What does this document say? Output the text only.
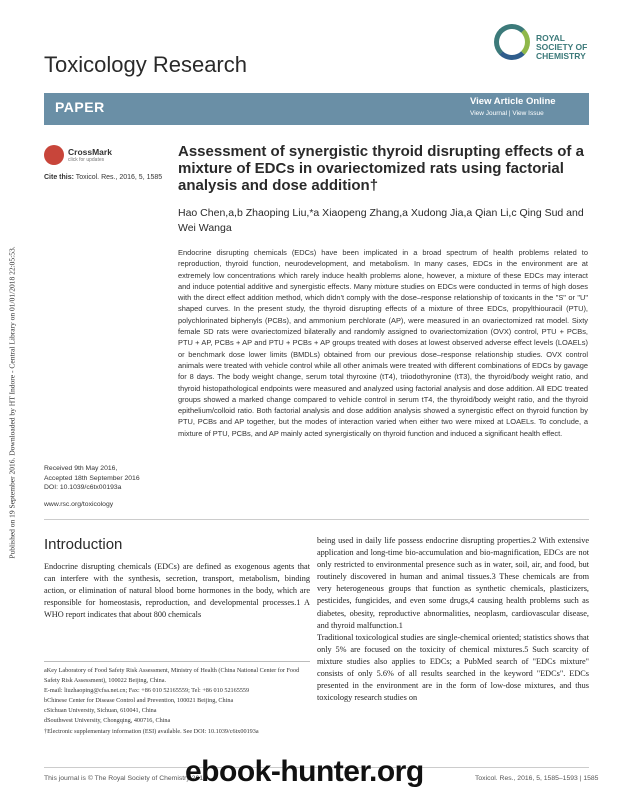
Published on 19 September 2016. Downloaded by HT Indore - Central Library on 01/01/2018 22:05:53.
Toxicology Research
ROYAL SOCIETY OF CHEMISTRY
PAPER	View Article Online
View Journal | View Issue
CrossMark
click for updates
Cite this: Toxicol. Res., 2016, 5, 1585
Assessment of synergistic thyroid disrupting effects of a mixture of EDCs in ovariectomized rats using factorial analysis and dose addition†
Hao Chen,a,b Zhaoping Liu,*a Xiaopeng Zhang,a Xudong Jia,a Qian Li,c Qing Sud and Wei Wanga
Endocrine disrupting chemicals (EDCs) have been implicated in a broad spectrum of health problems related to reproduction, thyroid function, neurodevelopment, and metabolism. In many cases, EDCs in the environment are at extremely low concentrations which rarely induce health problems alone, however, a mixture of these EDCs may interact and induce potential additive and synergistic effects. Many mixture studies on EDCs were conducted in terms of high doses with the direct effect addition method, which didn't comply with the dose–response relationship of toxicants in the "S" or "U" shaped curves. In the present study, the thyroid disrupting effects of a mixture of three EDCs, propylthiouracil (PTU), polychlorinated biphenyls (PCBs), and ammonium perchlorate (AP), were measured in an ovariectomized rat model. Sixty female SD rats were ovariectomized bilaterally and randomly assigned to ovariectomization (OVX) control, PTU + PCBs, PTU + AP, PCBs + AP and PTU + PCBs + AP groups treated with doses at lowest observed adverse effect levels (LOAELs) or benchmark dose lower limits (BMDLs) obtained from our previous dose–response relationship studies. OVX control animals were treated with vehicle control while all other animals were treated with different combinations of EDCs by gavage for 8 days. The body weight change, serum total thyroxine (tT4), triiodothyronine (tT3), the thyroid/body weight ratio, and thyroid histopathological endpoints were measured and analyzed using factorial analysis and dose addition. All EDC treated groups showed a marked change compared to vehicle control in serum tT4, the thyroid/body weight ratio, and the thyroid epithelium/colloid ratio. Both factorial analysis and dose addition analysis showed a synergistic effect on thyroid function by PTU, PCBs and AP together, but the modes of interaction varied when either two were mixed at LOAELs. To conclude, a mixture of PTU, PCBs, and AP mainly acted synergistically on thyroid function and induced a significant health effect.
Received 9th May 2016,
Accepted 18th September 2016
DOI: 10.1039/c6tx00193a
www.rsc.org/toxicology
Introduction
Endocrine disrupting chemicals (EDCs) are defined as exogenous agents that can interfere with the synthesis, secretion, transport, metabolism, binding action, or elimination of natural blood borne hormones in the body, which are responsible for homeostasis, reproduction, and developmental processes.1 A WHO report indicates that about 800 chemicals
being used in daily life possess endocrine disrupting properties.2 With extensive application and long-time bio-accumulation and bio-magnification, EDCs are not only restricted to environmental presence such as in water, soil, air, and food, but routinely discovered in human and animal tissues.3 These chemicals are from very heterogeneous groups that function as synthetic chemicals, plasticizers, pesticides, fungicides, and even some drugs,4 causing health problems such as diabetes, obesity, reproductive abnormalities, neoplasm, cardiovascular disease, and thyroid malfunction.1
Traditional toxicological studies are single-chemical oriented; statistics shows that only 5% are focused on the toxicity of chemical mixtures.5 Such scarcity of mixture studies also applies to EDCs; a PubMed search of "EDCs mixture" consists of only 5.6% of all results searched in the keyword "EDCs". EDCs presented in the environment are in the form of low-dose mixtures, and thus toxicology research studies on
aKey Laboratory of Food Safety Risk Assessment, Ministry of Health (China National Center for Food Safety Risk Assessment), 100022 Beijing, China.
E-mail: liuzhaoping@cfsa.net.cn; Fax: +86 010 52165559; Tel: +86 010 52165559
bChinese Center for Disease Control and Prevention, 100021 Beijing, China
cSichuan University, Sichuan, 610041, China
dSouthwest University, Chongqing, 400716, China
†Electronic supplementary information (ESI) available. See DOI: 10.1039/c6tx00193a
This journal is © The Royal Society of Chemistry 2016	Toxicol. Res., 2016, 5, 1585–1593 | 1585
ebook-hunter.org
